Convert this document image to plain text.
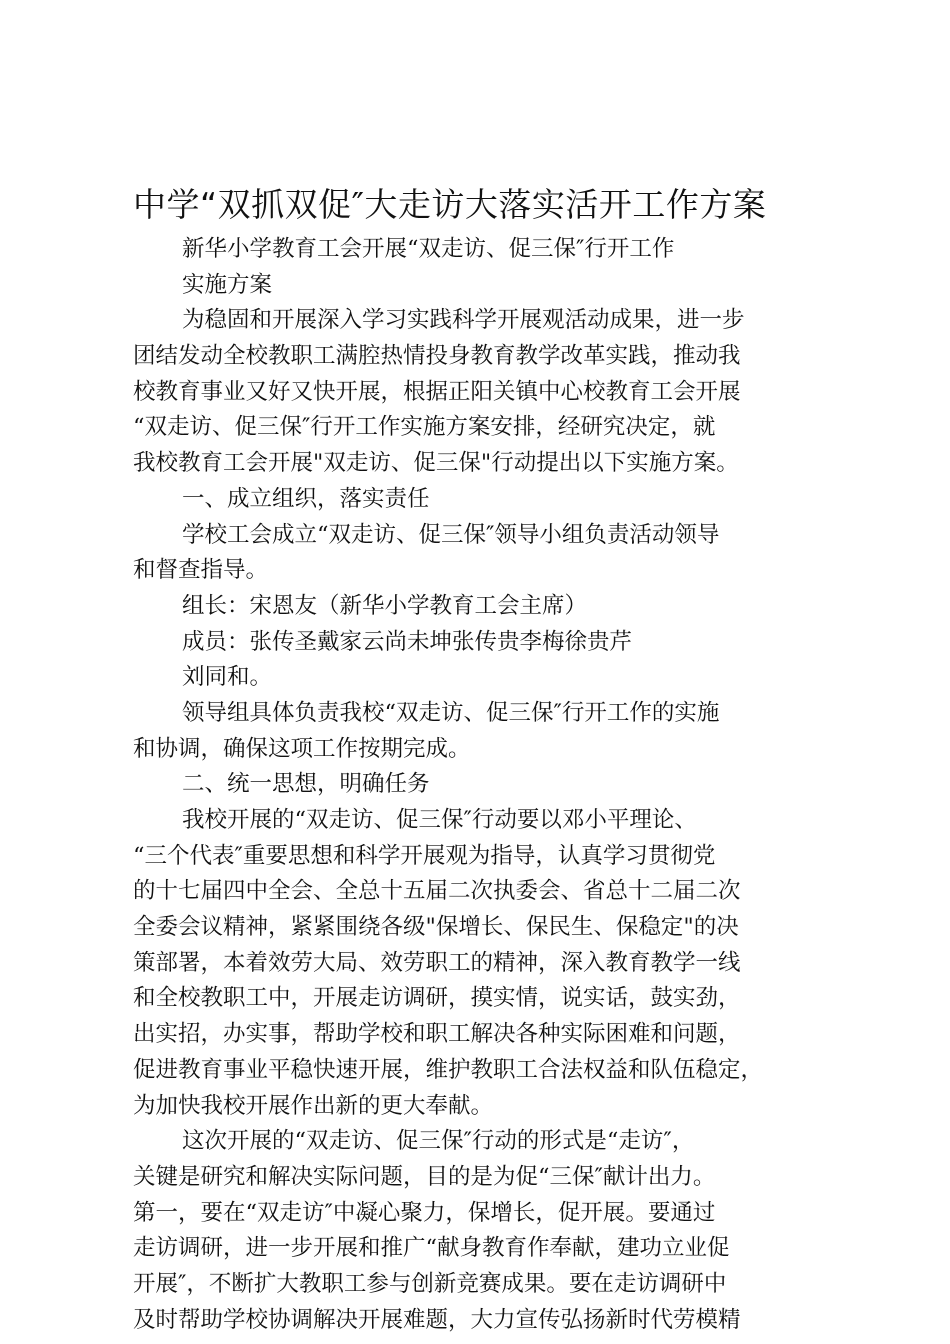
中学“双抓双促″大走访大落实活开工作方案
新华小学教育工会开展“双走访、促三保″行开工作
实施方案
为稳固和开展深入学习实践科学开展观活动成果，进一步
团结发动全校教职工满腔热情投身教育教学改革实践，推动我
校教育事业又好又快开展，根据正阳关镇中心校教育工会开展
“双走访、促三保″行开工作实施方案安排，经研究决定，就
我校教育工会开展"双走访、促三保"行动提出以下实施方案。
一、成立组织，落实责任
学校工会成立“双走访、促三保″领导小组负责活动领导
和督查指导。
组长：宋恩友（新华小学教育工会主席）
成员：张传圣戴家云尚未坤张传贵李梅徐贵芹
刘同和。
领导组具体负责我校“双走访、促三保″行开工作的实施
和协调，确保这项工作按期完成。
二、统一思想，明确任务
我校开展的“双走访、促三保″行动要以邓小平理论、
“三个代表″重要思想和科学开展观为指导，认真学习贯彻党
的十七届四中全会、全总十五届二次执委会、省总十二届二次
全委会议精神，紧紧围绕各级"保增长、保民生、保稳定"的决
策部署，本着效劳大局、效劳职工的精神，深入教育教学一线
和全校教职工中，开展走访调研，摸实情，说实话，鼓实劲，
出实招，办实事，帮助学校和职工解决各种实际困难和问题，
促进教育事业平稳快速开展，维护教职工合法权益和队伍稳定，
为加快我校开展作出新的更大奉献。
这次开展的“双走访、促三保″行动的形式是“走访″，
关键是研究和解决实际问题，目的是为促“三保″献计出力。
第一，要在“双走访″中凝心聚力，保增长，促开展。要通过
走访调研，进一步开展和推广“献身教育作奉献，建功立业促
开展″，不断扩大教职工参与创新竞赛成果。要在走访调研中
及时帮助学校协调解决开展难题，大力宣传弘扬新时代劳模精
